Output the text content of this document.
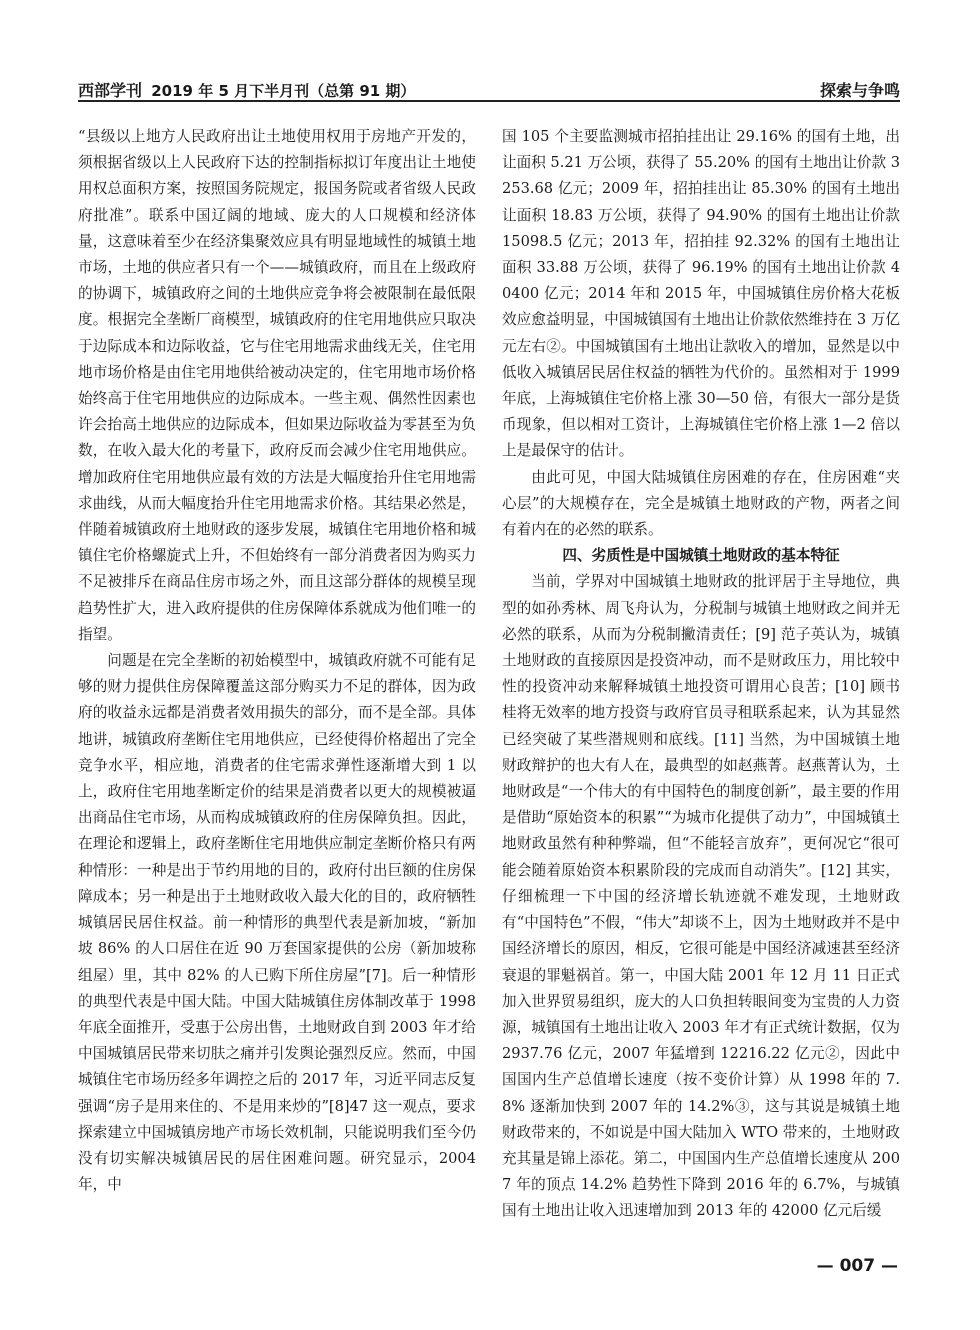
西部学刊 2019 年 5 月下半月刊（总第 91 期）	探索与争鸣

“县级以上地方人民政府出让土地使用权用于房地产开发的，须根据省级以上人民政府下达的控制指标拟订年度出让土地使用权总面积方案，按照国务院规定，报国务院或者省级人民政府批准”。联系中国辽阔的地域、庞大的人口规模和经济体量，这意味着至少在经济集聚效应具有明显地域性的城镇土地市场，土地的供应者只有一个——城镇政府，而且在上级政府的协调下，城镇政府之间的土地供应竞争将会被限制在最低限度。根据完全垄断厂商模型，城镇政府的住宅用地供应只取决于边际成本和边际收益，它与住宅用地需求曲线无关，住宅用地市场价格是由住宅用地供给被动决定的，住宅用地市场价格始终高于住宅用地供应的边际成本。一些主观、偶然性因素也许会抬高土地供应的边际成本，但如果边际收益为零甚至为负数，在收入最大化的考量下，政府反而会减少住宅用地供应。增加政府住宅用地供应最有效的方法是大幅度抬升住宅用地需求曲线，从而大幅度抬升住宅用地需求价格。其结果必然是，伴随着城镇政府土地财政的逐步发展，城镇住宅用地价格和城镇住宅价格螺旋式上升，不但始终有一部分消费者因为购买力不足被排斥在商品住房市场之外，而且这部分群体的规模呈现趋势性扩大，进入政府提供的住房保障体系就成为他们唯一的指望。

问题是在完全垄断的初始模型中，城镇政府就不可能有足够的财力提供住房保障覆盖这部分购买力不足的群体，因为政府的收益永远都是消费者效用损失的部分，而不是全部。具体地讲，城镇政府垄断住宅用地供应，已经使得价格超出了完全竞争水平，相应地，消费者的住宅需求弹性逐渐增大到 1 以上，政府住宅用地垄断定价的结果是消费者以更大的规模被逼出商品住宅市场，从而构成城镇政府的住房保障负担。因此，在理论和逻辑上，政府垄断住宅用地供应制定垄断价格只有两种情形：一种是出于节约用地的目的，政府付出巨额的住房保障成本；另一种是出于土地财政收入最大化的目的，政府牺牲城镇居民居住权益。前一种情形的典型代表是新加坡，“新加坡 86% 的人口居住在近 90 万套国家提供的公房（新加坡称组屋）里，其中 82% 的人已购下所住房屋”[7]。后一种情形的典型代表是中国大陆。中国大陆城镇住房体制改革于 1998 年底全面推开，受惠于公房出售，土地财政自到 2003 年才给中国城镇居民带来切肤之痛并引发舆论强烈反应。然而，中国城镇住宅市场历经多年调控之后的 2017 年，习近平同志反复强调“房子是用来住的、不是用来炒的”[8]47 这一观点，要求探索建立中国城镇房地产市场长效机制，只能说明我们至今仍没有切实解决城镇居民的居住困难问题。研究显示，2004 年，中

国 105 个主要监测城市招拍挂出让 29.16% 的国有土地，出让面积 5.21 万公顷，获得了 55.20% 的国有土地出让价款 3253.68 亿元；2009 年，招拍挂出让 85.30% 的国有土地出让面积 18.83 万公顷，获得了 94.90% 的国有土地出让价款 15098.5 亿元；2013 年，招拍挂 92.32% 的国有土地出让面积 33.88 万公顷，获得了 96.19% 的国有土地出让价款 40400 亿元；2014 年和 2015 年，中国城镇住房价格大花板效应愈益明显，中国城镇国有土地出让价款依然维持在 3 万亿元左右②。中国城镇国有土地出让款收入的增加，显然是以中低收入城镇居民居住权益的牺牲为代价的。虽然相对于 1999 年底，上海城镇住宅价格上涨 30—50 倍，有很大一部分是货币现象，但以相对工资计，上海城镇住宅价格上涨 1—2 倍以上是最保守的估计。

由此可见，中国大陆城镇住房困难的存在，住房困难“夹心层”的大规模存在，完全是城镇土地财政的产物，两者之间有着内在的必然的联系。

四、劣质性是中国城镇土地财政的基本特征

当前，学界对中国城镇土地财政的批评居于主导地位，典型的如孙秀林、周飞舟认为，分税制与城镇土地财政之间并无必然的联系，从而为分税制撇清责任；[9] 范子英认为，城镇土地财政的直接原因是投资冲动，而不是财政压力，用比较中性的投资冲动来解释城镇土地投资可谓用心良苦；[10] 顾书桂将无效率的地方投资与政府官员寻租联系起来，认为其显然已经突破了某些潜规则和底线。[11] 当然，为中国城镇土地财政辩护的也大有人在，最典型的如赵燕菁。赵燕菁认为，土地财政是“一个伟大的有中国特色的制度创新”，最主要的作用是借助“原始资本的积累”“为城市化提供了动力”，中国城镇土地财政虽然有种种弊端，但“不能轻言放弃”，更何况它“很可能会随着原始资本积累阶段的完成而自动消失”。[12] 其实，仔细梳理一下中国的经济增长轨迹就不难发现，土地财政有“中国特色”不假，“伟大”却谈不上，因为土地财政并不是中国经济增长的原因，相反，它很可能是中国经济减速甚至经济衰退的罪魁祸首。第一，中国大陆 2001 年 12 月 11 日正式加入世界贸易组织，庞大的人口负担转眼间变为宝贵的人力资源，城镇国有土地出让收入 2003 年才有正式统计数据，仅为 2937.76 亿元，2007 年猛增到 12216.22 亿元②，因此中国国内生产总值增长速度（按不变价计算）从 1998 年的 7.8% 逐渐加快到 2007 年的 14.2%③，这与其说是城镇土地财政带来的，不如说是中国大陆加入 WTO 带来的，土地财政充其量是锦上添花。第二，中国国内生产总值增长速度从 2007 年的顶点 14.2% 趋势性下降到 2016 年的 6.7%，与城镇国有土地出让收入迅速增加到 2013 年的 42000 亿元后缓

— 007 —
